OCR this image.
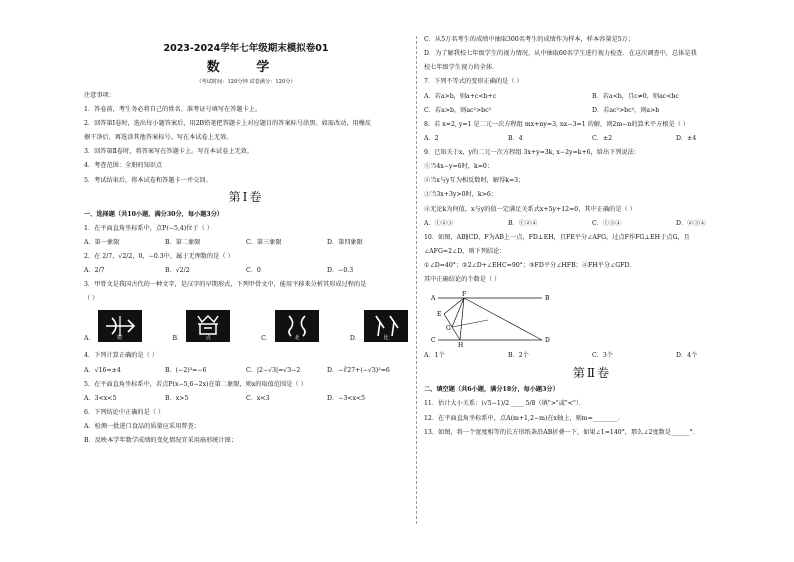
2023-2024学年七年级期末模拟卷01
数 学
（考试时间：120分钟 试卷满分：120分）
注意事项：
1．答卷前，考生务必将自己的姓名、准考证号填写在答题卡上。
2．回答第Ⅰ卷时，选出每小题答案后，用2B铅笔把答题卡上对应题目的答案标号涂黑。如需改动，用橡皮
擦干净后，再选涂其他答案标号。写在本试卷上无效。
3．回答第Ⅱ卷时，将答案写在答题卡上。写在本试卷上无效。
4．考查范围：全册的知识点
5．考试结束后，将本试卷和答题卡一并交回。
第Ⅰ卷
一、选择题（共10小题，满分30分，每小题3分）
1．在平面直角坐标系中，点P(−5,4)位于（ ）
A．第一象限	B．第二象限	C．第三象限	D．第四象限
2．在 2/7，√2/2，0，−0.3中，属于无理数的是（ ）
A．2/7	B．√2/2	C．0	D．−0.3
3．甲骨文是我国古代的一种文字，是汉字的早期形式，下列甲骨文中，能用平移来分析其形成过程的是
（ ）
A．	射	B．	点	C．	北	D．	比
4．下列计算正确的是（ ）
A．√16=±4	B．(−2)³=−6	C．|2−√3|=√3−2	D．−∛27+(−√3)²=6
5．在平面直角坐标系中，若点P(x−5,6−2x)在第二象限，则x的取值范围是（ ）
A．3<x<5	B．x>5	C．x<3	D．−3<x<5
6．下列结论中正确的是（ ）
A．检测一批进口食品的质量应采用普查；
B．反映本学年数学成绩的变化情况宜采用扇形统计图；
C．从5万名考生的成绩中抽取300名考生的成绩作为样本，样本容量是5万；
D．为了解我校七年级学生的视力情况，从中抽取60名学生进行视力检查．在这次调查中，总体是我
校七年级学生视力的全体．
7．下列不等式的变形正确的是（ ）
A．若a>b，则a+c<b+c	B．若a<b，且c≠0，则ac<bc
C．若a>b，则ac²>bc²	D．若ac²>bc²，则a>b
8．若 x=2, y=1 是二元一次方程组 mx+ny=3, nx−3=1 的解，则2m−n的算术平方根是（ ）
A．2	B．4	C．±2	D．±4
9．已知关于x，y的二元一次方程组 3x+y=3k, x−2y=k+6，给出下列说法：
①当4x−y=6时，k=0；
②当x与y互为相反数时，解得k=3；
③当3x+3y>0时，k>6；
④无论k为何值，x与y的值一定满足关系式x+5y+12=0，其中正确的是（ ）
A．①②③	B．①②④	C．①③④	D．②③④
10．如图，AB∥CD，F为AB上一点，FD⊥EH，且FE平分∠AFG，过点F作FG⊥EH于点G，且
∠AFG=2∠D，则下列结论：
①∠D=40°；②2∠D+∠EHC=90°；③FD平分∠HFB；④FH平分∠GFD．
其中正确结论的个数是（ ）
A	B
C	D
E
F
G
H
A．1个	B．2个	C．3个	D．4个
第Ⅱ卷
二、填空题（共6小题，满分18分，每小题3分）
11．估计大小关系：(√5−1)/2 ____ 5/8（填">"或"<"）．
12．在平面直角坐标系中，点A(m+1,2−m)在x轴上，则m=________．
13．如图，将一个宽度相等的长方形纸条沿AB折叠一下，如果∠1=140°，那么∠2度数是______°．
